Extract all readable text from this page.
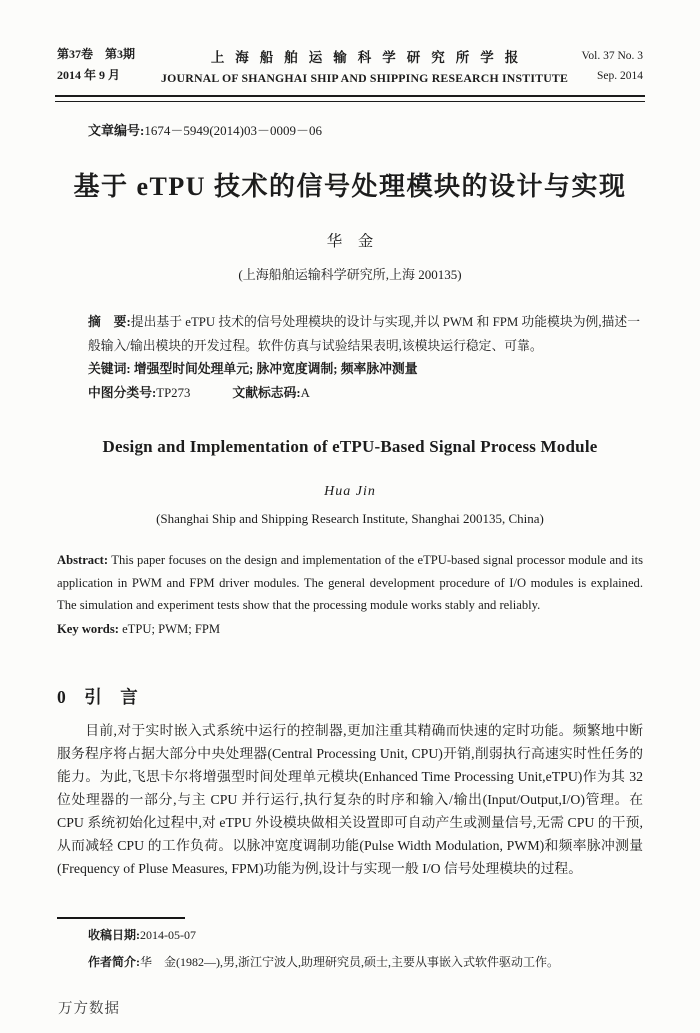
第37卷　第3期
2014 年 9 月
上海船舶运输科学研究所学报
JOURNAL OF SHANGHAI SHIP AND SHIPPING RESEARCH INSTITUTE
Vol. 37 No. 3
Sep. 2014
文章编号:1674－5949(2014)03－0009－06
基于 eTPU 技术的信号处理模块的设计与实现
华　金
(上海船舶运输科学研究所,上海 200135)

摘　要:提出基于 eTPU 技术的信号处理模块的设计与实现,并以 PWM 和 FPM 功能模块为例,描述一般输入/输出模块的开发过程。软件仿真与试验结果表明,该模块运行稳定、可靠。

关键词: 增强型时间处理单元; 脉冲宽度调制; 频率脉冲测量

中图分类号:TP273	文献标志码:A

Design and Implementation of eTPU-Based Signal Process Module
Hua Jin
(Shanghai Ship and Shipping Research Institute, Shanghai 200135, China)

Abstract: This paper focuses on the design and implementation of the eTPU-based signal processor module and its application in PWM and FPM driver modules. The general development procedure of I/O modules is explained. The simulation and experiment tests show that the processing module works stably and reliably.

Key words: eTPU; PWM; FPM

0　引　言

目前,对于实时嵌入式系统中运行的控制器,更加注重其精确而快速的定时功能。频繁地中断服务程序将占据大部分中央处理器(Central Processing Unit, CPU)开销,削弱执行高速实时性任务的能力。为此,飞思卡尔将增强型时间处理单元模块(Enhanced Time Processing Unit,eTPU)作为其 32 位处理器的一部分,与主 CPU 并行运行,执行复杂的时序和输入/输出(Input/Output,I/O)管理。在 CPU 系统初始化过程中,对 eTPU 外设模块做相关设置即可自动产生或测量信号,无需 CPU 的干预,从而减轻 CPU 的工作负荷。以脉冲宽度调制功能(Pulse Width Modulation, PWM)和频率脉冲测量(Frequency of Pluse Measures, FPM)功能为例,设计与实现一般 I/O 信号处理模块的过程。

收稿日期:2014-05-07

作者简介:华　金(1982—),男,浙江宁波人,助理研究员,硕士,主要从事嵌入式软件驱动工作。

万方数据
